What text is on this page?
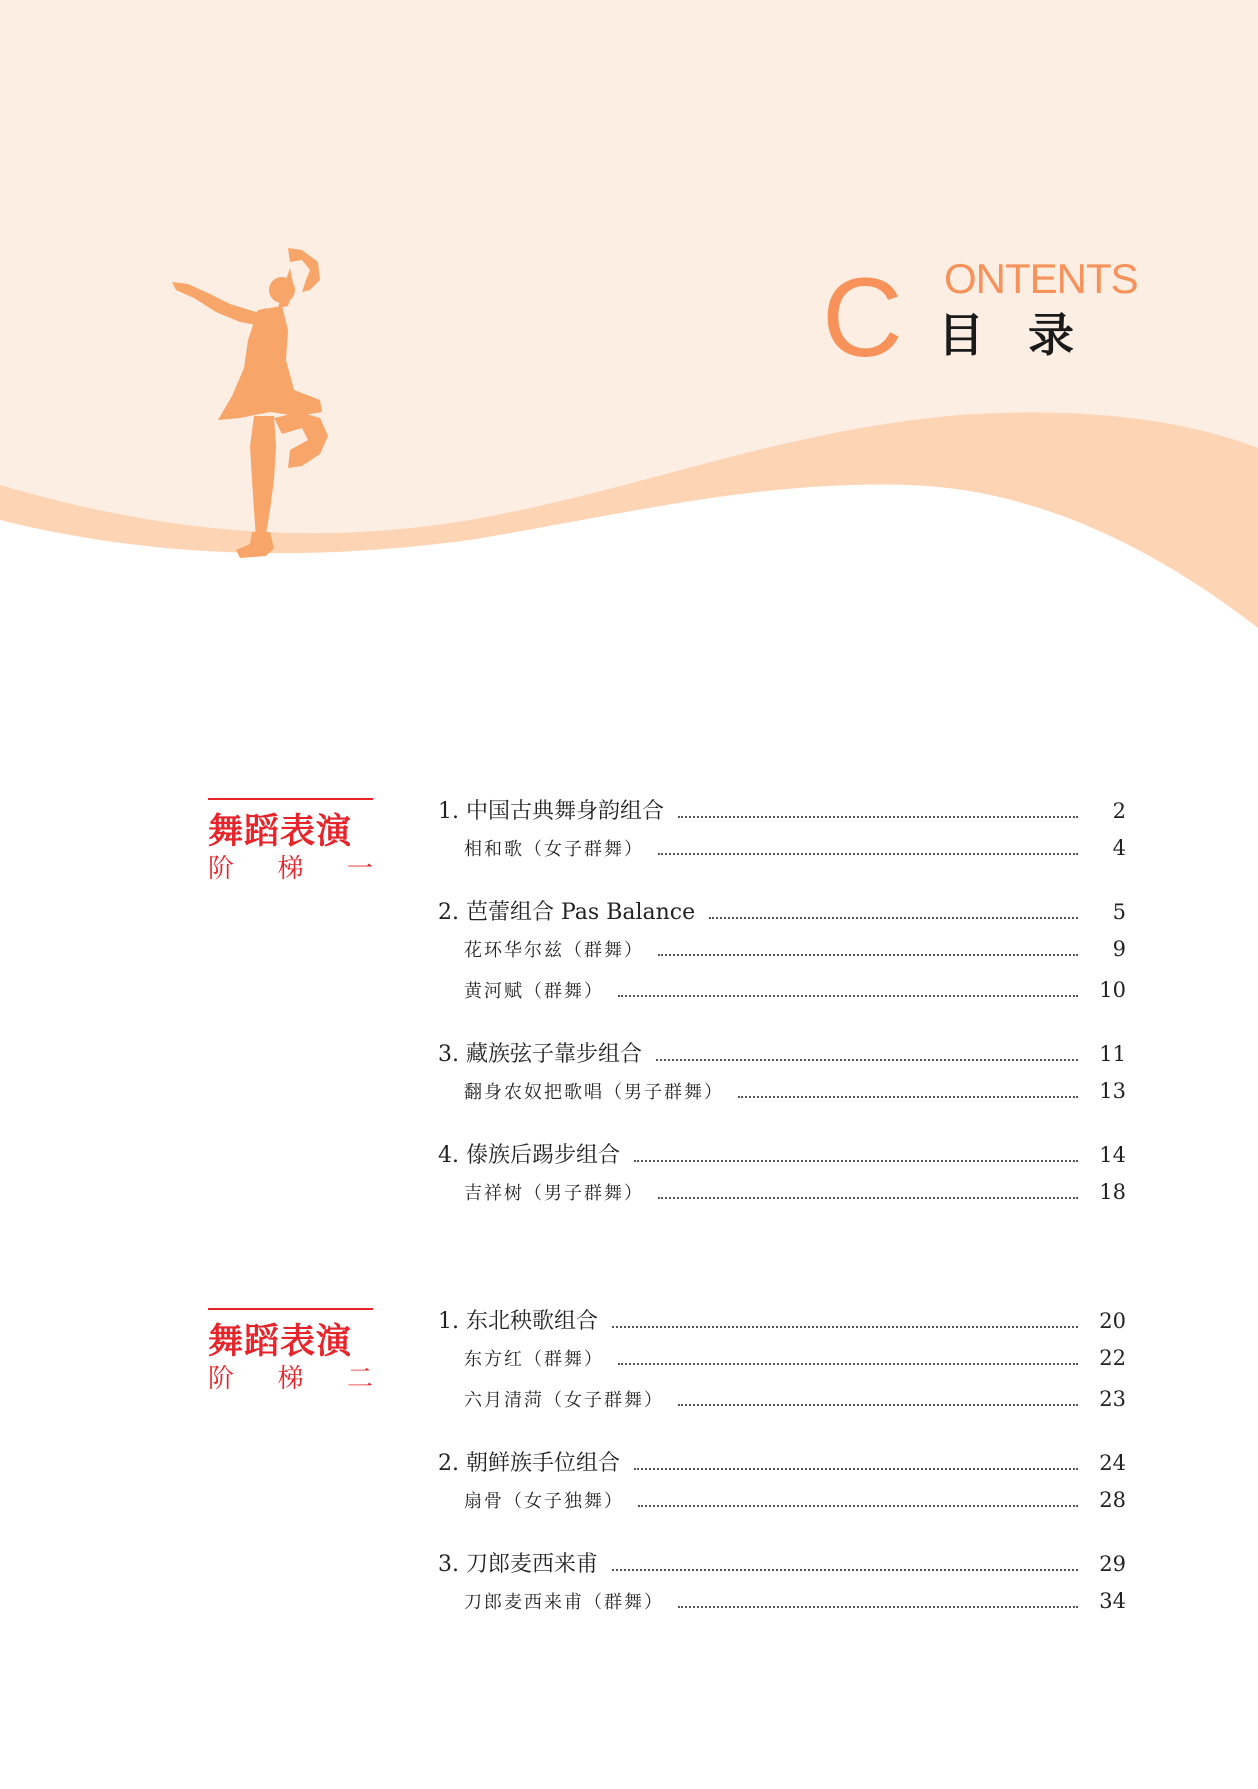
C ONTENTS
目录
舞蹈表演
阶 梯 一
1. 中国古典舞身韵组合	2
相和歌（女子群舞）	4
2. 芭蕾组合 Pas Balance	5
花环华尔兹（群舞）	9
黄河赋（群舞）	10
3. 藏族弦子靠步组合	11
翻身农奴把歌唱（男子群舞）	13
4. 傣族后踢步组合	14
吉祥树（男子群舞）	18
舞蹈表演
阶 梯 二
1. 东北秧歌组合	20
东方红（群舞）	22
六月清菏（女子群舞）	23
2. 朝鲜族手位组合	24
扇骨（女子独舞）	28
3. 刀郎麦西来甫	29
刀郎麦西来甫（群舞）	34
